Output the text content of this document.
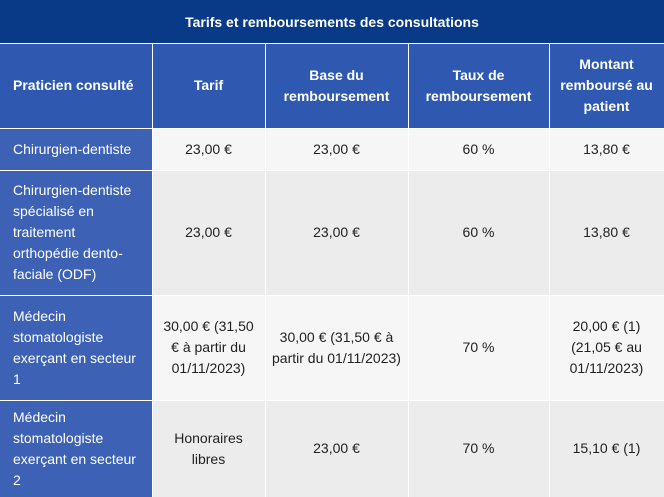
Tarifs et remboursements des consultations
Praticien consulté	Tarif	Base du remboursement	Taux de remboursement	Montant remboursé au patient
Chirurgien-dentiste	23,00 €	23,00 €	60 %	13,80 €
Chirurgien-dentiste spécialisé en traitement orthopédie dento-faciale (ODF)	23,00 €	23,00 €	60 %	13,80 €
Médecin stomatologiste exerçant en secteur 1	30,00 € (31,50 € à partir du 01/11/2023)	30,00 € (31,50 € à partir du 01/11/2023)	70 %	20,00 € (1) (21,05 € au 01/11/2023)
Médecin stomatologiste exerçant en secteur 2	Honoraires libres	23,00 €	70 %	15,10 € (1)
